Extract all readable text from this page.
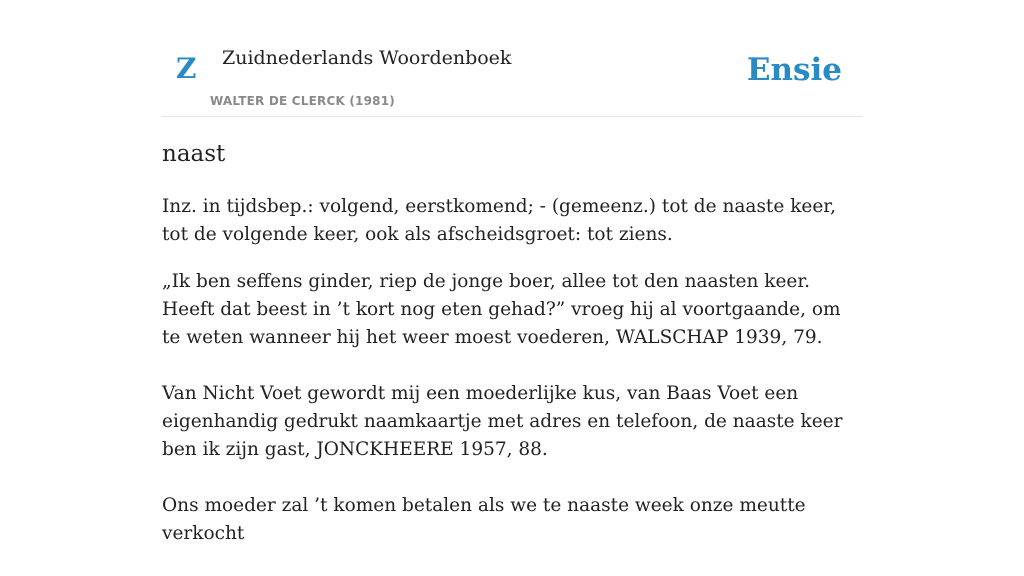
Z Zuidnederlands Woordenboek
WALTER DE CLERCK (1981)
Ensie
naast

Inz. in tijdsbep.: volgend, eerstkomend; - (gemeenz.) tot de naaste keer, tot de volgende keer, ook als afscheidsgroet: tot ziens.

„Ik ben seffens ginder, riep de jonge boer, allee tot den naasten keer. Heeft dat beest in ’t kort nog eten gehad?” vroeg hij al voortgaande, om te weten wanneer hij het weer moest voederen, WALSCHAP 1939, 79.

Van Nicht Voet gewordt mij een moederlijke kus, van Baas Voet een eigenhandig gedrukt naamkaartje met adres en telefoon, de naaste keer ben ik zijn gast, JONCKHEERE 1957, 88.

Ons moeder zal ’t komen betalen als we te naaste week onze meutte verkocht
